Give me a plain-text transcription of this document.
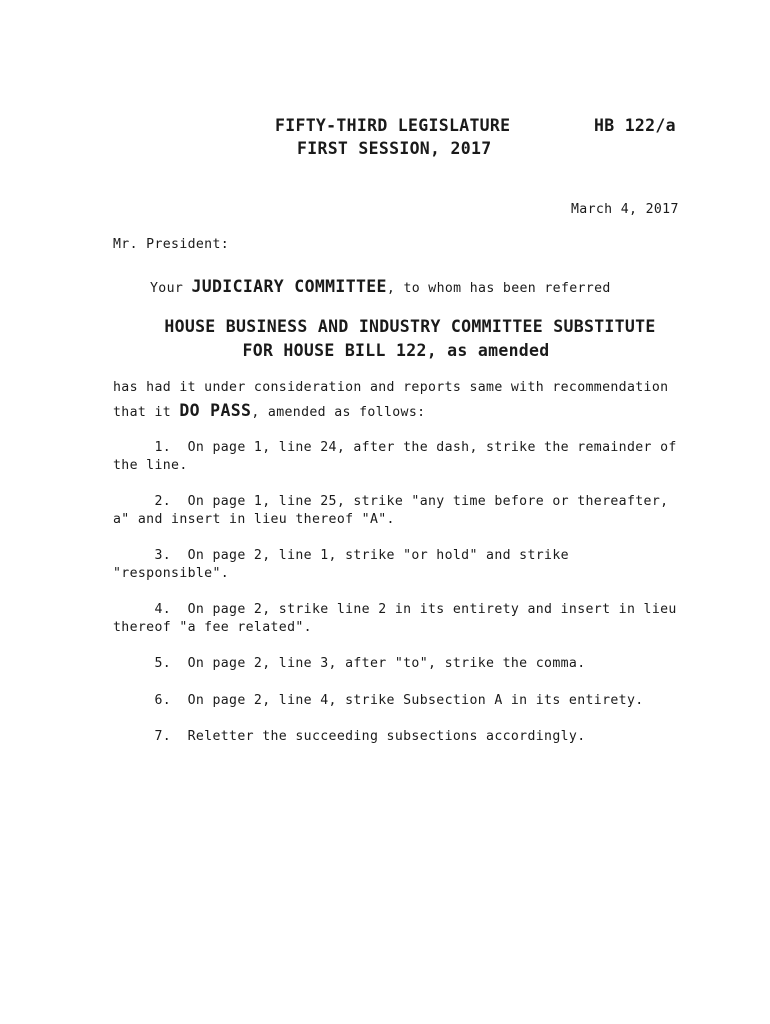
FIFTY-THIRD LEGISLATURE	HB 122/a
FIRST SESSION, 2017
March 4, 2017
Mr. President:
Your JUDICIARY COMMITTEE, to whom has been referred
HOUSE BUSINESS AND INDUSTRY COMMITTEE SUBSTITUTE
FOR HOUSE BILL 122, as amended
has had it under consideration and reports same with recommendation
that it DO PASS, amended as follows:
1.  On page 1, line 24, after the dash, strike the remainder of
the line.
2.  On page 1, line 25, strike "any time before or thereafter,
a" and insert in lieu thereof "A".
3.  On page 2, line 1, strike "or hold" and strike
"responsible".
4.  On page 2, strike line 2 in its entirety and insert in lieu
thereof "a fee related".
5.  On page 2, line 3, after "to", strike the comma.
6.  On page 2, line 4, strike Subsection A in its entirety.
7.  Reletter the succeeding subsections accordingly.
